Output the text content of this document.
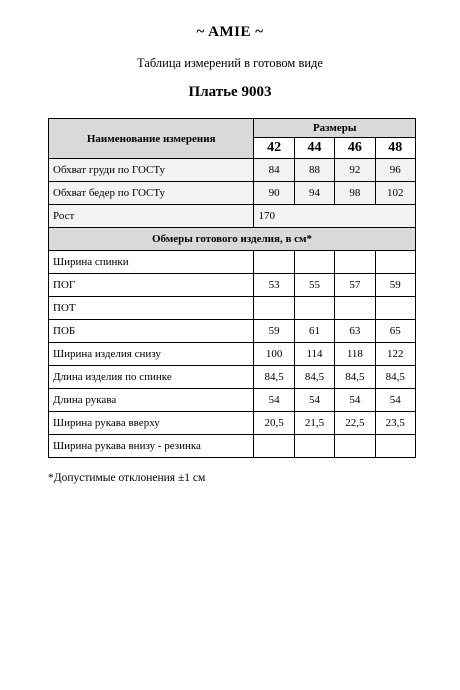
~ AMIE ~
Таблица измерений в готовом виде
Платье 9003
Наименование измерения	Размеры			
	42	44	46	48
Обхват груди по ГОСТу	84	88	92	96
Обхват бедер по ГОСТу	90	94	98	102
Рост	170			
Обмеры готового изделия, в см*				
Ширина спинки				
ПОГ	53	55	57	59
ПОТ				
ПОБ	59	61	63	65
Ширина изделия снизу	100	114	118	122
Длина изделия по спинке	84,5	84,5	84,5	84,5
Длина рукава	54	54	54	54
Ширина рукава вверху	20,5	21,5	22,5	23,5
Ширина рукава внизу - резинка				
*Допустимые отклонения ±1 см
